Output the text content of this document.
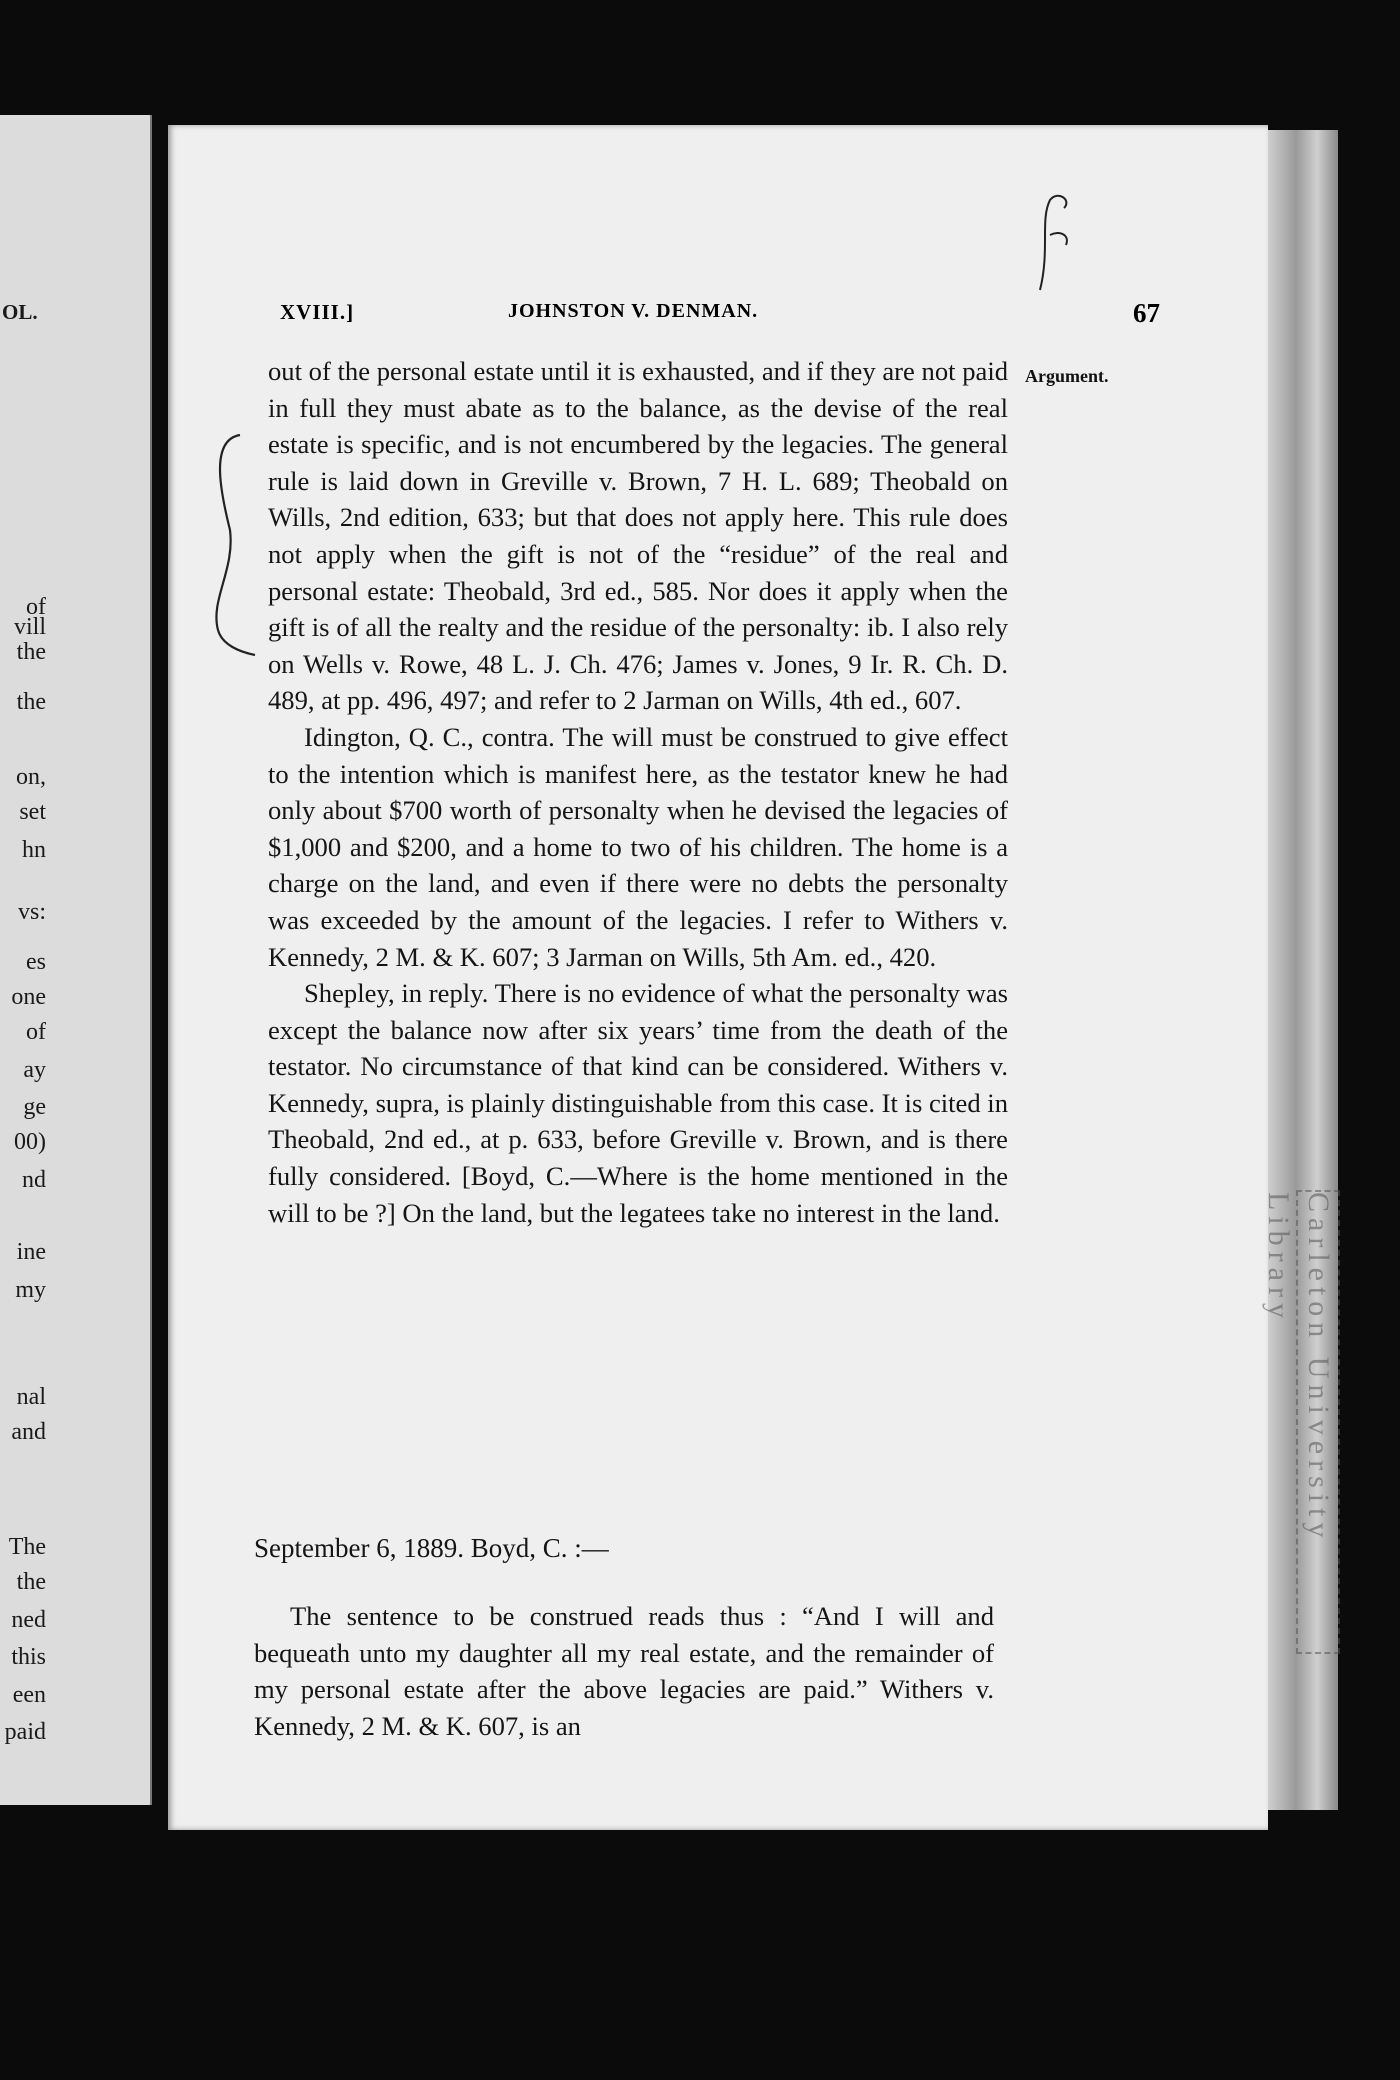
OL.
of
vill
the
the
on,
set
hn
vs:
es
one
of
ay
ge
00)
nd
ine
my
nal
and
The
the
ned
this
een
paid
Carleton University Library
XVIII.]	JOHNSTON V. DENMAN.	67
Argument.

out of the personal estate until it is exhausted, and if they are not paid in full they must abate as to the balance, as the devise of the real estate is specific, and is not encumbered by the legacies. The general rule is laid down in Greville v. Brown, 7 H. L. 689; Theobald on Wills, 2nd edition, 633; but that does not apply here. This rule does not apply when the gift is not of the “residue” of the real and personal estate: Theobald, 3rd ed., 585. Nor does it apply when the gift is of all the realty and the residue of the personalty: ib. I also rely on Wells v. Rowe, 48 L. J. Ch. 476; James v. Jones, 9 Ir. R. Ch. D. 489, at pp. 496, 497; and refer to 2 Jarman on Wills, 4th ed., 607.

Idington, Q. C., contra. The will must be construed to give effect to the intention which is manifest here, as the testator knew he had only about $700 worth of personalty when he devised the legacies of $1,000 and $200, and a home to two of his children. The home is a charge on the land, and even if there were no debts the personalty was exceeded by the amount of the legacies. I refer to Withers v. Kennedy, 2 M. & K. 607; 3 Jarman on Wills, 5th Am. ed., 420.

Shepley, in reply. There is no evidence of what the personalty was except the balance now after six years’ time from the death of the testator. No circumstance of that kind can be considered. Withers v. Kennedy, supra, is plainly distinguishable from this case. It is cited in Theobald, 2nd ed., at p. 633, before Greville v. Brown, and is there fully considered. [Boyd, C.—Where is the home mentioned in the will to be ?] On the land, but the legatees take no interest in the land.

September 6, 1889. Boyd, C. :—

The sentence to be construed reads thus : “And I will and bequeath unto my daughter all my real estate, and the remainder of my personal estate after the above legacies are paid.” Withers v. Kennedy, 2 M. & K. 607, is an
